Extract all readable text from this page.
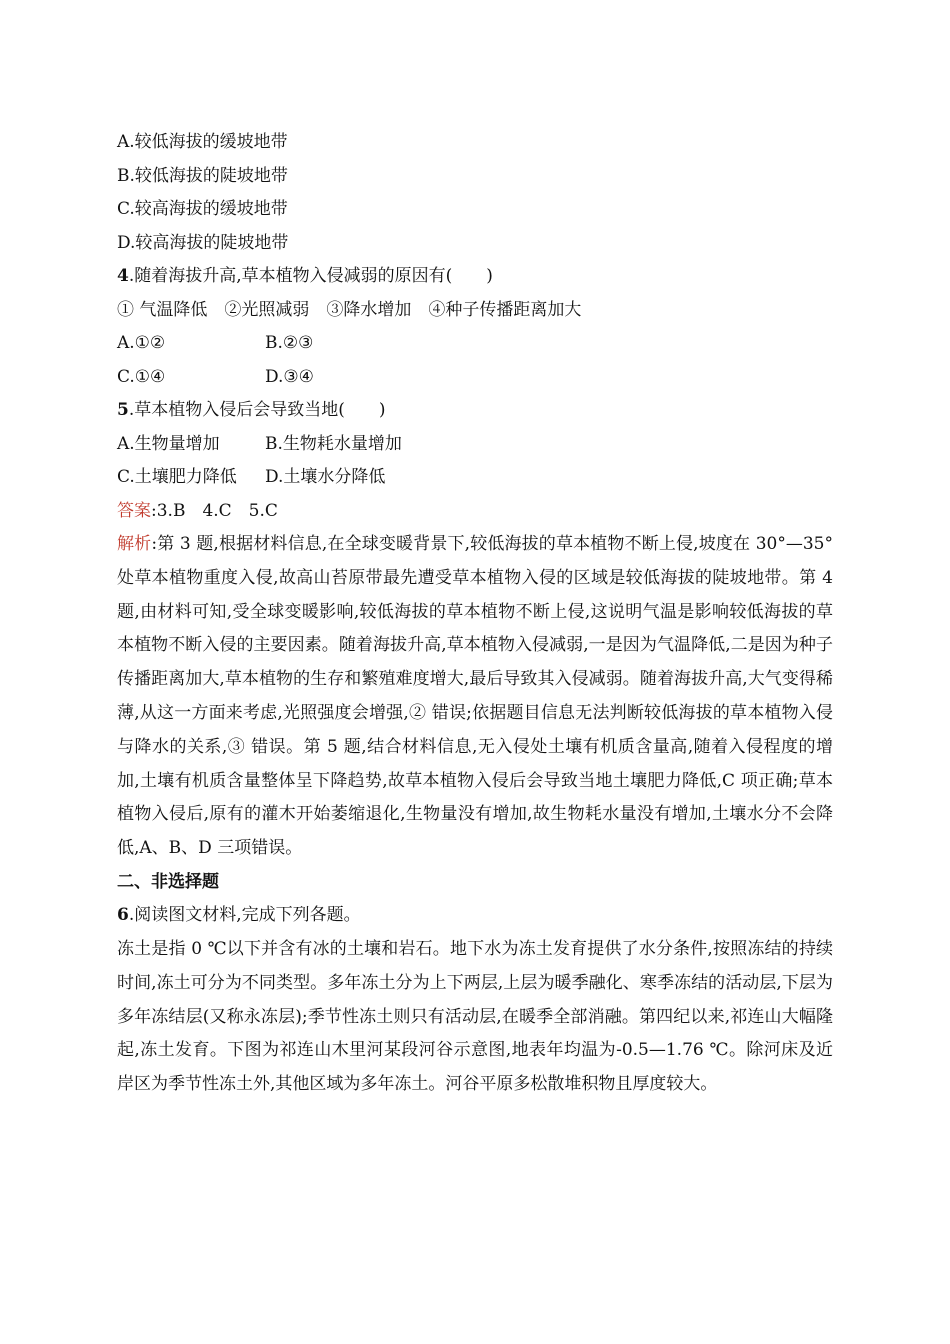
A.较低海拔的缓坡地带
B.较低海拔的陡坡地带
C.较高海拔的缓坡地带
D.较高海拔的陡坡地带
4.随着海拔升高,草本植物入侵减弱的原因有(　　)
① 气温降低　②光照减弱　③降水增加　④种子传播距离加大
A.①②	B.②③
C.①④	D.③④
5.草本植物入侵后会导致当地(　　)
A.生物量增加	B.生物耗水量增加
C.土壤肥力降低	D.土壤水分降低
答案:3.B　4.C　5.C
解析:第 3 题,根据材料信息,在全球变暖背景下,较低海拔的草本植物不断上侵,坡度在 30°—35°处草本植物重度入侵,故高山苔原带最先遭受草本植物入侵的区域是较低海拔的陡坡地带。第 4 题,由材料可知,受全球变暖影响,较低海拔的草本植物不断上侵,这说明气温是影响较低海拔的草本植物不断入侵的主要因素。随着海拔升高,草本植物入侵减弱,一是因为气温降低,二是因为种子传播距离加大,草本植物的生存和繁殖难度增大,最后导致其入侵减弱。随着海拔升高,大气变得稀薄,从这一方面来考虑,光照强度会增强,② 错误;依据题目信息无法判断较低海拔的草本植物入侵与降水的关系,③ 错误。第 5 题,结合材料信息,无入侵处土壤有机质含量高,随着入侵程度的增加,土壤有机质含量整体呈下降趋势,故草本植物入侵后会导致当地土壤肥力降低,C 项正确;草本植物入侵后,原有的灌木开始萎缩退化,生物量没有增加,故生物耗水量没有增加,土壤水分不会降低,A、B、D 三项错误。
二、非选择题
6.阅读图文材料,完成下列各题。
冻土是指 0 ℃以下并含有冰的土壤和岩石。地下水为冻土发育提供了水分条件,按照冻结的持续时间,冻土可分为不同类型。多年冻土分为上下两层,上层为暖季融化、寒季冻结的活动层,下层为多年冻结层(又称永冻层);季节性冻土则只有活动层,在暖季全部消融。第四纪以来,祁连山大幅隆起,冻土发育。下图为祁连山木里河某段河谷示意图,地表年均温为-0.5—1.76 ℃。除河床及近岸区为季节性冻土外,其他区域为多年冻土。河谷平原多松散堆积物且厚度较大。
